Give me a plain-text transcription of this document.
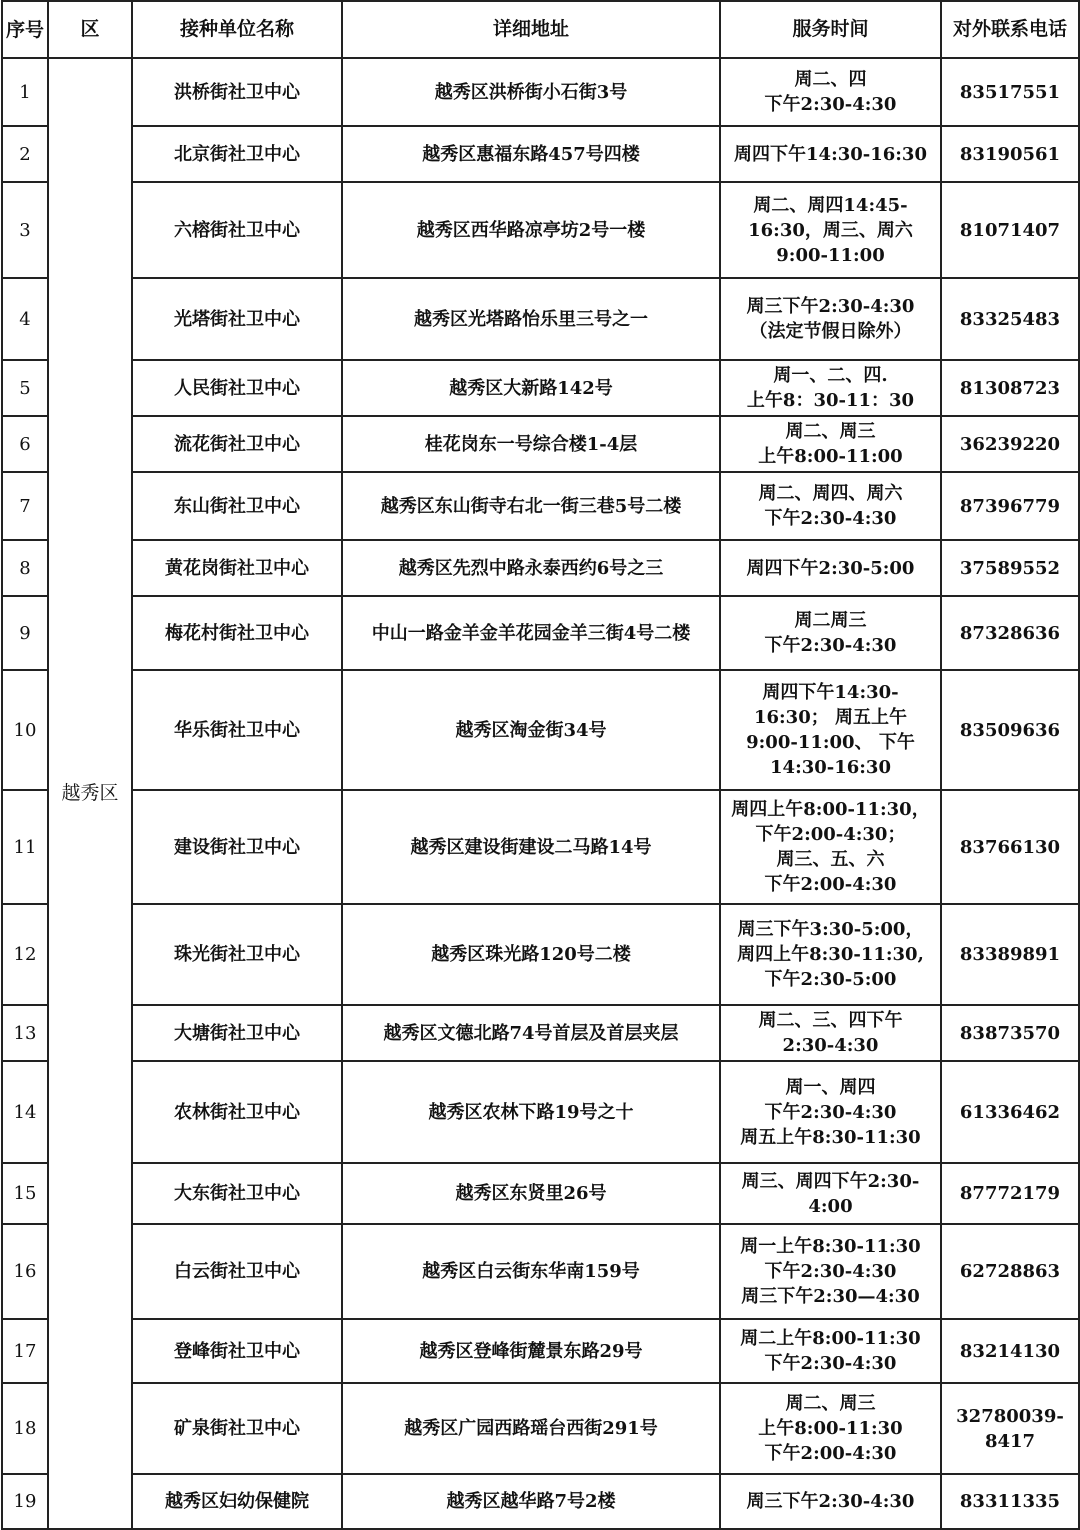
序号	区	接种单位名称	详细地址	服务时间	对外联系电话
1	越秀区	洪桥街社卫中心	越秀区洪桥街小石街3号	周二、四
下午2:30-4:30	83517551
2		北京街社卫中心	越秀区惠福东路457号四楼	周四下午14:30-16:30	83190561
3		六榕街社卫中心	越秀区西华路凉亭坊2号一楼	周二、周四14:45-
16:30，周三、周六
9:00-11:00	81071407
4		光塔街社卫中心	越秀区光塔路怡乐里三号之一	周三下午2:30-4:30
（法定节假日除外）	83325483
5		人民街社卫中心	越秀区大新路142号	周一、二、四.
上午8：30-11：30	81308723
6		流花街社卫中心	桂花岗东一号综合楼1-4层	周二、周三
上午8:00-11:00	36239220
7		东山街社卫中心	越秀区东山街寺右北一街三巷5号二楼	周二、周四、周六
下午2:30-4:30	87396779
8		黄花岗街社卫中心	越秀区先烈中路永泰西约6号之三	周四下午2:30-5:00	37589552
9		梅花村街社卫中心	中山一路金羊金羊花园金羊三街4号二楼	周二周三
下午2:30-4:30	87328636
10		华乐街社卫中心	越秀区淘金街34号	周四下午14:30-
16:30； 周五上午
9:00-11:00、 下午
14:30-16:30	83509636
11		建设街社卫中心	越秀区建设街建设二马路14号	周四上午8:00-11:30，
下午2:00-4:30；
周三、五、六
下午2:00-4:30	83766130
12		珠光街社卫中心	越秀区珠光路120号二楼	周三下午3:30-5:00，
周四上午8:30-11:30,
下午2:30-5:00	83389891
13		大塘街社卫中心	越秀区文德北路74号首层及首层夹层	周二、三、四下午
2:30-4:30	83873570
14		农林街社卫中心	越秀区农林下路19号之十	周一、周四
下午2:30-4:30
周五上午8:30-11:30	61336462
15		大东街社卫中心	越秀区东贤里26号	周三、周四下午2:30-
4:00	87772179
16		白云街社卫中心	越秀区白云街东华南159号	周一上午8:30-11:30
下午2:30-4:30
周三下午2:30—4:30	62728863
17		登峰街社卫中心	越秀区登峰街麓景东路29号	周二上午8:00-11:30
下午2:30-4:30	83214130
18		矿泉街社卫中心	越秀区广园西路瑶台西街291号	周二、周三
上午8:00-11:30
下午2:00-4:30	32780039-
8417
19		越秀区妇幼保健院	越秀区越华路7号2楼	周三下午2:30-4:30	83311335
